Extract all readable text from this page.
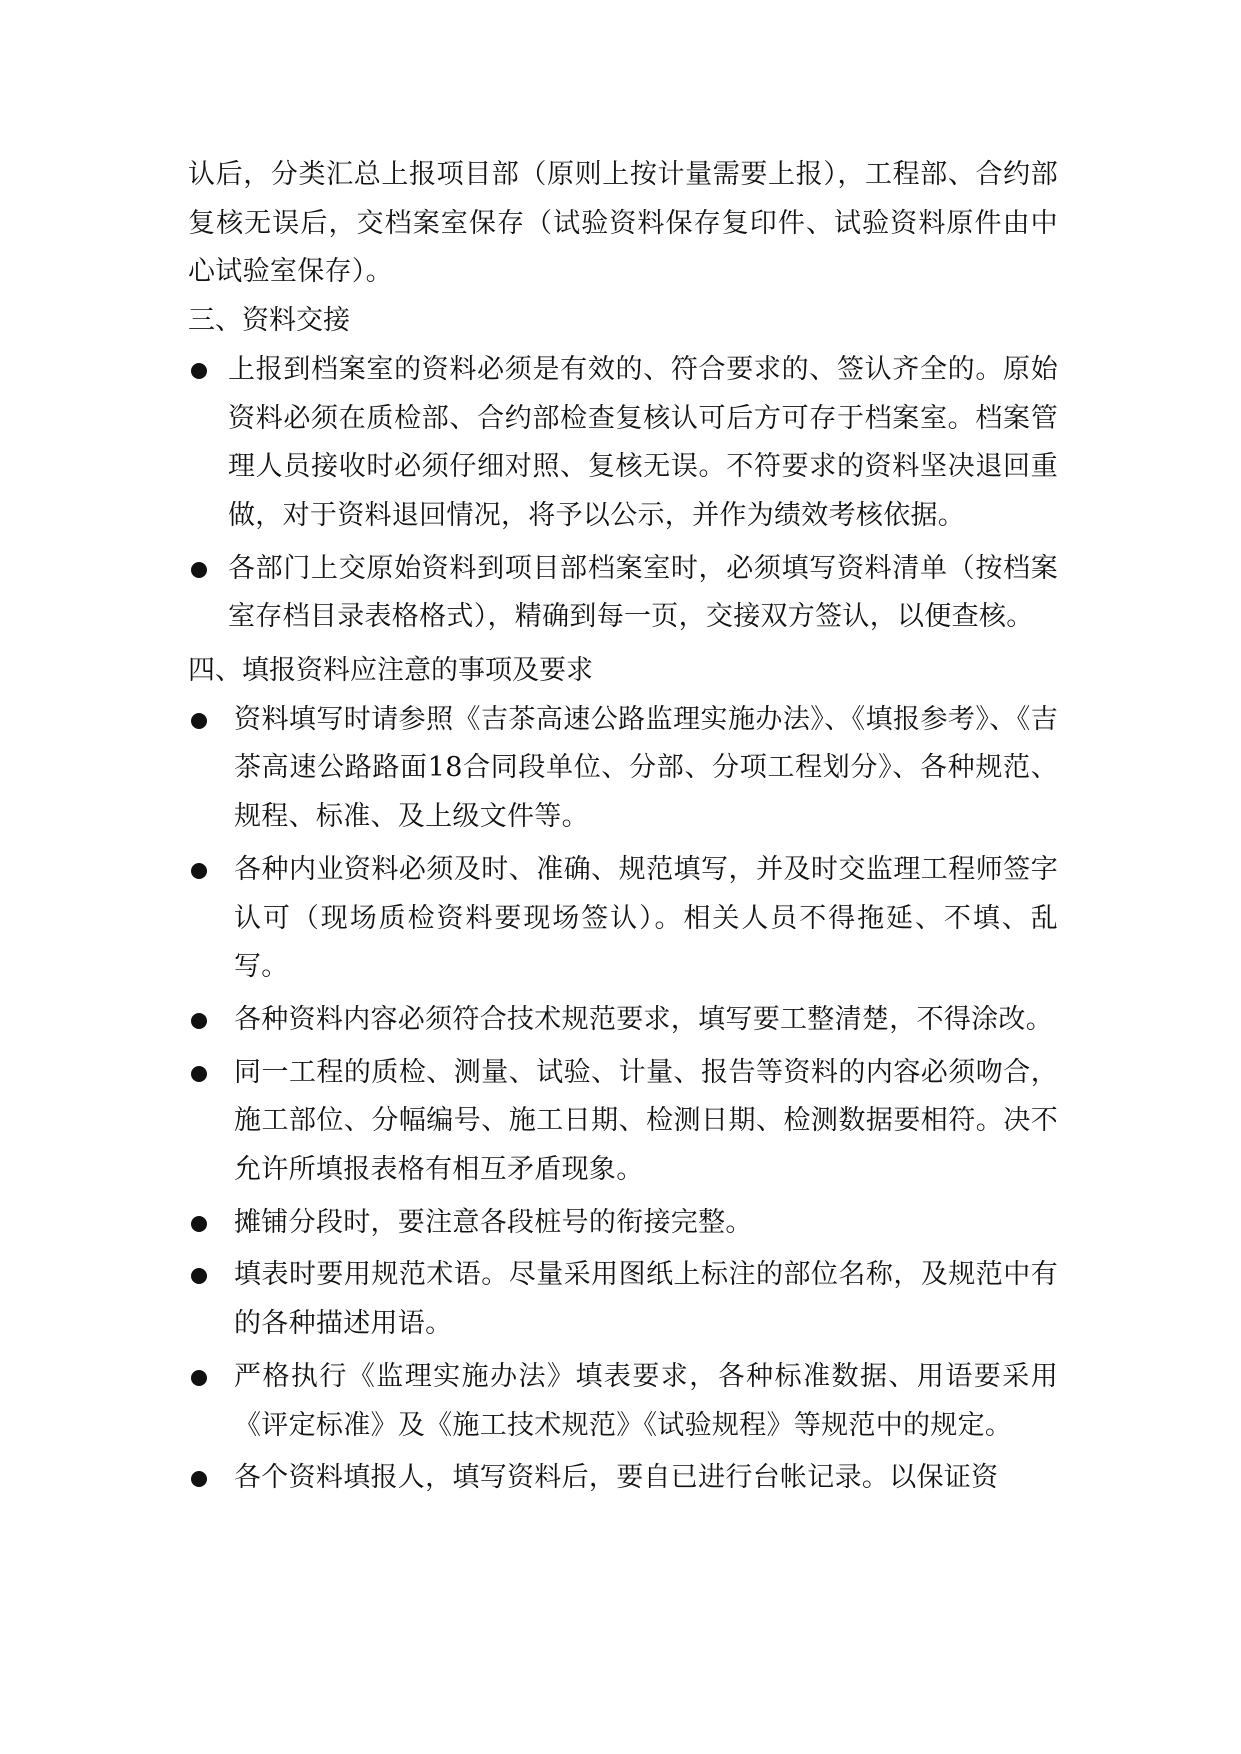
认后，分类汇总上报项目部（原则上按计量需要上报），工程部、合约部复核无误后，交档案室保存（试验资料保存复印件、试验资料原件由中心试验室保存）。

三、资料交接
上报到档案室的资料必须是有效的、符合要求的、签认齐全的。原始资料必须在质检部、合约部检查复核认可后方可存于档案室。档案管理人员接收时必须仔细对照、复核无误。不符要求的资料坚决退回重做，对于资料退回情况，将予以公示，并作为绩效考核依据。
各部门上交原始资料到项目部档案室时，必须填写资料清单（按档案室存档目录表格格式），精确到每一页，交接双方签认，以便查核。
四、填报资料应注意的事项及要求
资料填写时请参照《吉茶高速公路监理实施办法》、《填报参考》、《吉茶高速公路路面18合同段单位、分部、分项工程划分》、各种规范、规程、标准、及上级文件等。
各种内业资料必须及时、准确、规范填写，并及时交监理工程师签字认可（现场质检资料要现场签认）。相关人员不得拖延、不填、乱写。
各种资料内容必须符合技术规范要求，填写要工整清楚，不得涂改。
同一工程的质检、测量、试验、计量、报告等资料的内容必须吻合，施工部位、分幅编号、施工日期、检测日期、检测数据要相符。决不允许所填报表格有相互矛盾现象。
摊铺分段时，要注意各段桩号的衔接完整。
填表时要用规范术语。尽量采用图纸上标注的部位名称，及规范中有的各种描述用语。
严格执行《监理实施办法》填表要求，各种标准数据、用语要采用《评定标准》及《施工技术规范》《试验规程》等规范中的规定。
各个资料填报人，填写资料后，要自已进行台帐记录。以保证资
